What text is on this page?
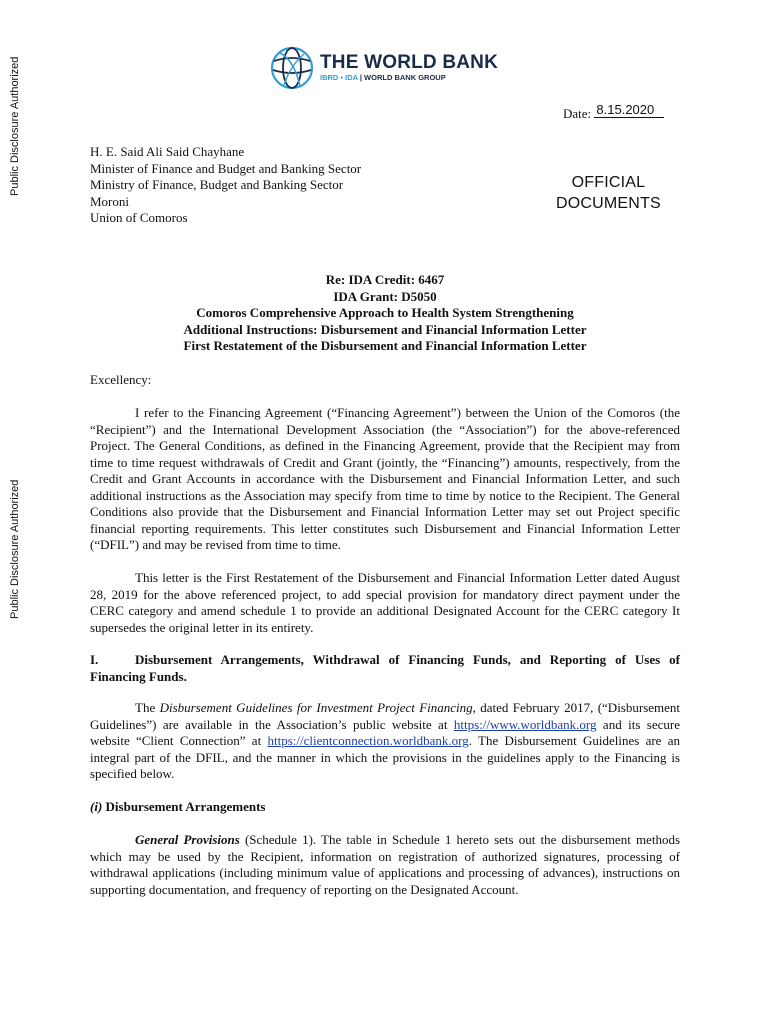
Public Disclosure Authorized
Public Disclosure Authorized
THE WORLD BANK
IBRD • IDA | WORLD BANK GROUP
Date: 8.15.2020
H. E. Said Ali Said Chayhane
Minister of Finance and Budget and Banking Sector
Ministry of Finance, Budget and Banking Sector
Moroni
Union of Comoros
OFFICIAL
DOCUMENTS
Re: IDA Credit: 6467
IDA Grant: D5050
Comoros Comprehensive Approach to Health System Strengthening
Additional Instructions: Disbursement and Financial Information Letter
First Restatement of the Disbursement and Financial Information Letter
Excellency:

I refer to the Financing Agreement (“Financing Agreement”) between the Union of the Comoros (the “Recipient”) and the International Development Association (the “Association”) for the above-referenced Project. The General Conditions, as defined in the Financing Agreement, provide that the Recipient may from time to time request withdrawals of Credit and Grant (jointly, the “Financing”) amounts, respectively, from the Credit and Grant Accounts in accordance with the Disbursement and Financial Information Letter, and such additional instructions as the Association may specify from time to time by notice to the Recipient. The General Conditions also provide that the Disbursement and Financial Information Letter may set out Project specific financial reporting requirements. This letter constitutes such Disbursement and Financial Information Letter (“DFIL”) and may be revised from time to time.

This letter is the First Restatement of the Disbursement and Financial Information Letter dated August 28, 2019 for the above referenced project, to add special provision for mandatory direct payment under the CERC category and amend schedule 1 to provide an additional Designated Account for the CERC category It supersedes the original letter in its entirety.

I.	Disbursement Arrangements, Withdrawal of Financing Funds, and Reporting of Uses of Financing Funds.

The Disbursement Guidelines for Investment Project Financing, dated February 2017, (“Disbursement Guidelines”) are available in the Association’s public website at https://www.worldbank.org and its secure website “Client Connection” at https://clientconnection.worldbank.org. The Disbursement Guidelines are an integral part of the DFIL, and the manner in which the provisions in the guidelines apply to the Financing is specified below.

(i) Disbursement Arrangements

General Provisions (Schedule 1). The table in Schedule 1 hereto sets out the disbursement methods which may be used by the Recipient, information on registration of authorized signatures, processing of withdrawal applications (including minimum value of applications and processing of advances), instructions on supporting documentation, and frequency of reporting on the Designated Account.
